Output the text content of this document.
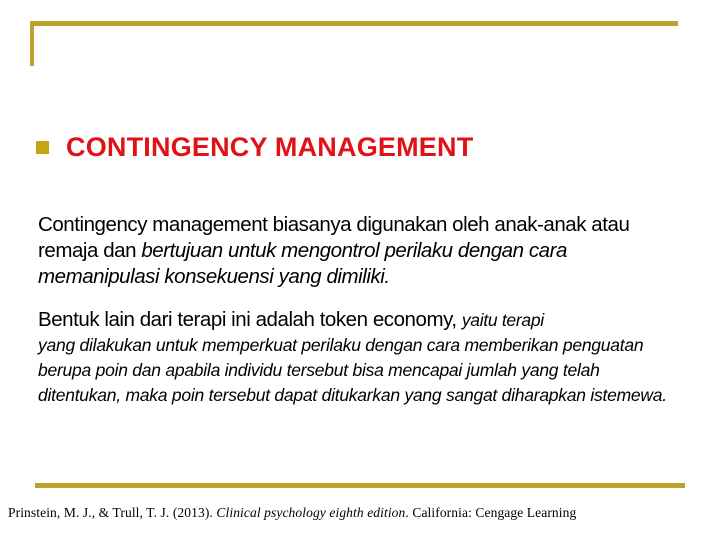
CONTINGENCY MANAGEMENT

Contingency management biasanya digunakan oleh anak-anak atau remaja dan bertujuan untuk mengontrol perilaku dengan cara memanipulasi konsekuensi yang dimiliki.

Bentuk lain dari terapi ini adalah token economy, yaitu terapi
yang dilakukan untuk memperkuat perilaku dengan cara memberikan penguatan berupa poin dan apabila individu tersebut bisa mencapai jumlah yang telah ditentukan, maka poin tersebut dapat ditukarkan yang sangat diharapkan istemewa.

Prinstein, M. J., & Trull, T. J. (2013). Clinical psychology eighth edition. California: Cengage Learning
